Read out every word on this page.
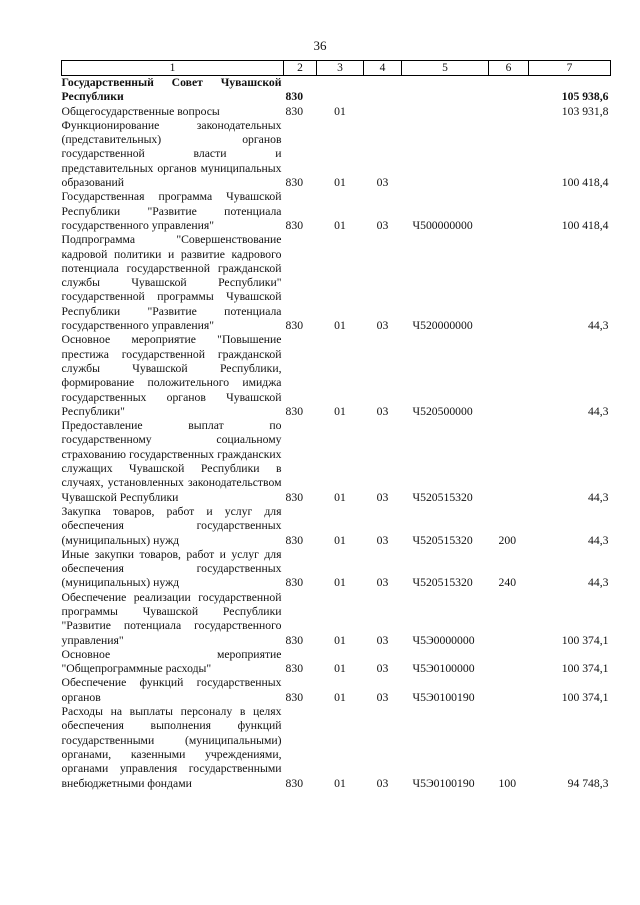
36
1	2	3	4	5	6	7
Государственный Совет Чувашской Республики	830					105 938,6
Общегосударственные вопросы	830	01				103 931,8
Функционирование законодательных (представительных) органов государственной власти и представительных органов муниципальных образований	830	01	03			100 418,4
Государственная программа Чувашской Республики "Развитие потенциала государственного управления"	830	01	03	Ч500000000		100 418,4
Подпрограмма "Совершенствование кадровой политики и развитие кадрового потенциала государственной гражданской службы Чувашской Республики" государственной программы Чувашской Республики "Развитие потенциала государственного управления"	830	01	03	Ч520000000		44,3
Основное мероприятие "Повышение престижа государственной гражданской службы Чувашской Республики, формирование положительного имиджа государственных органов Чувашской Республики"	830	01	03	Ч520500000		44,3
Предоставление выплат по государственному социальному страхованию государственных гражданских служащих Чувашской Республики в случаях, установленных законодательством Чувашской Республики	830	01	03	Ч520515320		44,3
Закупка товаров, работ и услуг для обеспечения государственных (муниципальных) нужд	830	01	03	Ч520515320	200	44,3
Иные закупки товаров, работ и услуг для обеспечения государственных (муниципальных) нужд	830	01	03	Ч520515320	240	44,3
Обеспечение реализации государственной программы Чувашской Республики "Развитие потенциала государственного управления"	830	01	03	Ч5Э0000000		100 374,1
Основное мероприятие "Общепрограммные расходы"	830	01	03	Ч5Э0100000		100 374,1
Обеспечение функций государственных органов	830	01	03	Ч5Э0100190		100 374,1
Расходы на выплаты персоналу в целях обеспечения выполнения функций государственными (муниципальными) органами, казенными учреждениями, органами управления государственными внебюджетными фондами	830	01	03	Ч5Э0100190	100	94 748,3
